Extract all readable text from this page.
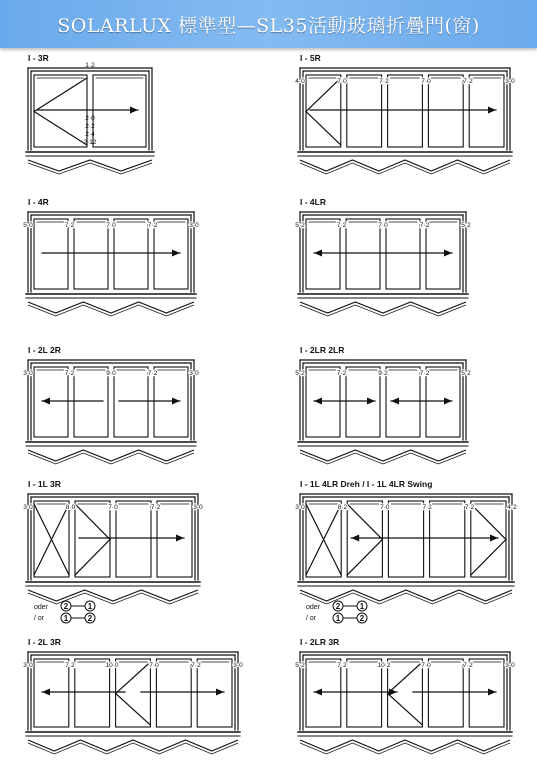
SOLARLUX 標準型—SL35活動玻璃折疊門(窗)
I - 3R
1·2
2·0
2·2
2·4
2·12
I - 5R
4·0	7·0	7·2	7·0	7·2	3·0
I - 4R
5·0	7·2	7·0	7·2	3·0
I - 4LR
5·2	7·2	7·0	7·2	5·2
I - 2L 2R
3·0	7·2	9·0	7·2	3·0
I - 2LR 2LR
5·2	7·2	9·2	7·2	5·2
I - 1L 3R
3·0	8·0	7·0	7·2	3·0
oder
/ or
2 1
1 2
I - 1L 4LR Dreh / I - 1L 4LR Swing
3·0	8·2	7·0	7·2	7·2	4·2
oder
/ or
2 1
1 2
I - 2L 3R
3·0	7·2	10·0	7·0	7·2	3·0
I - 2LR 3R
5·2	7·2	10·2	7·0	7·2	3·0
